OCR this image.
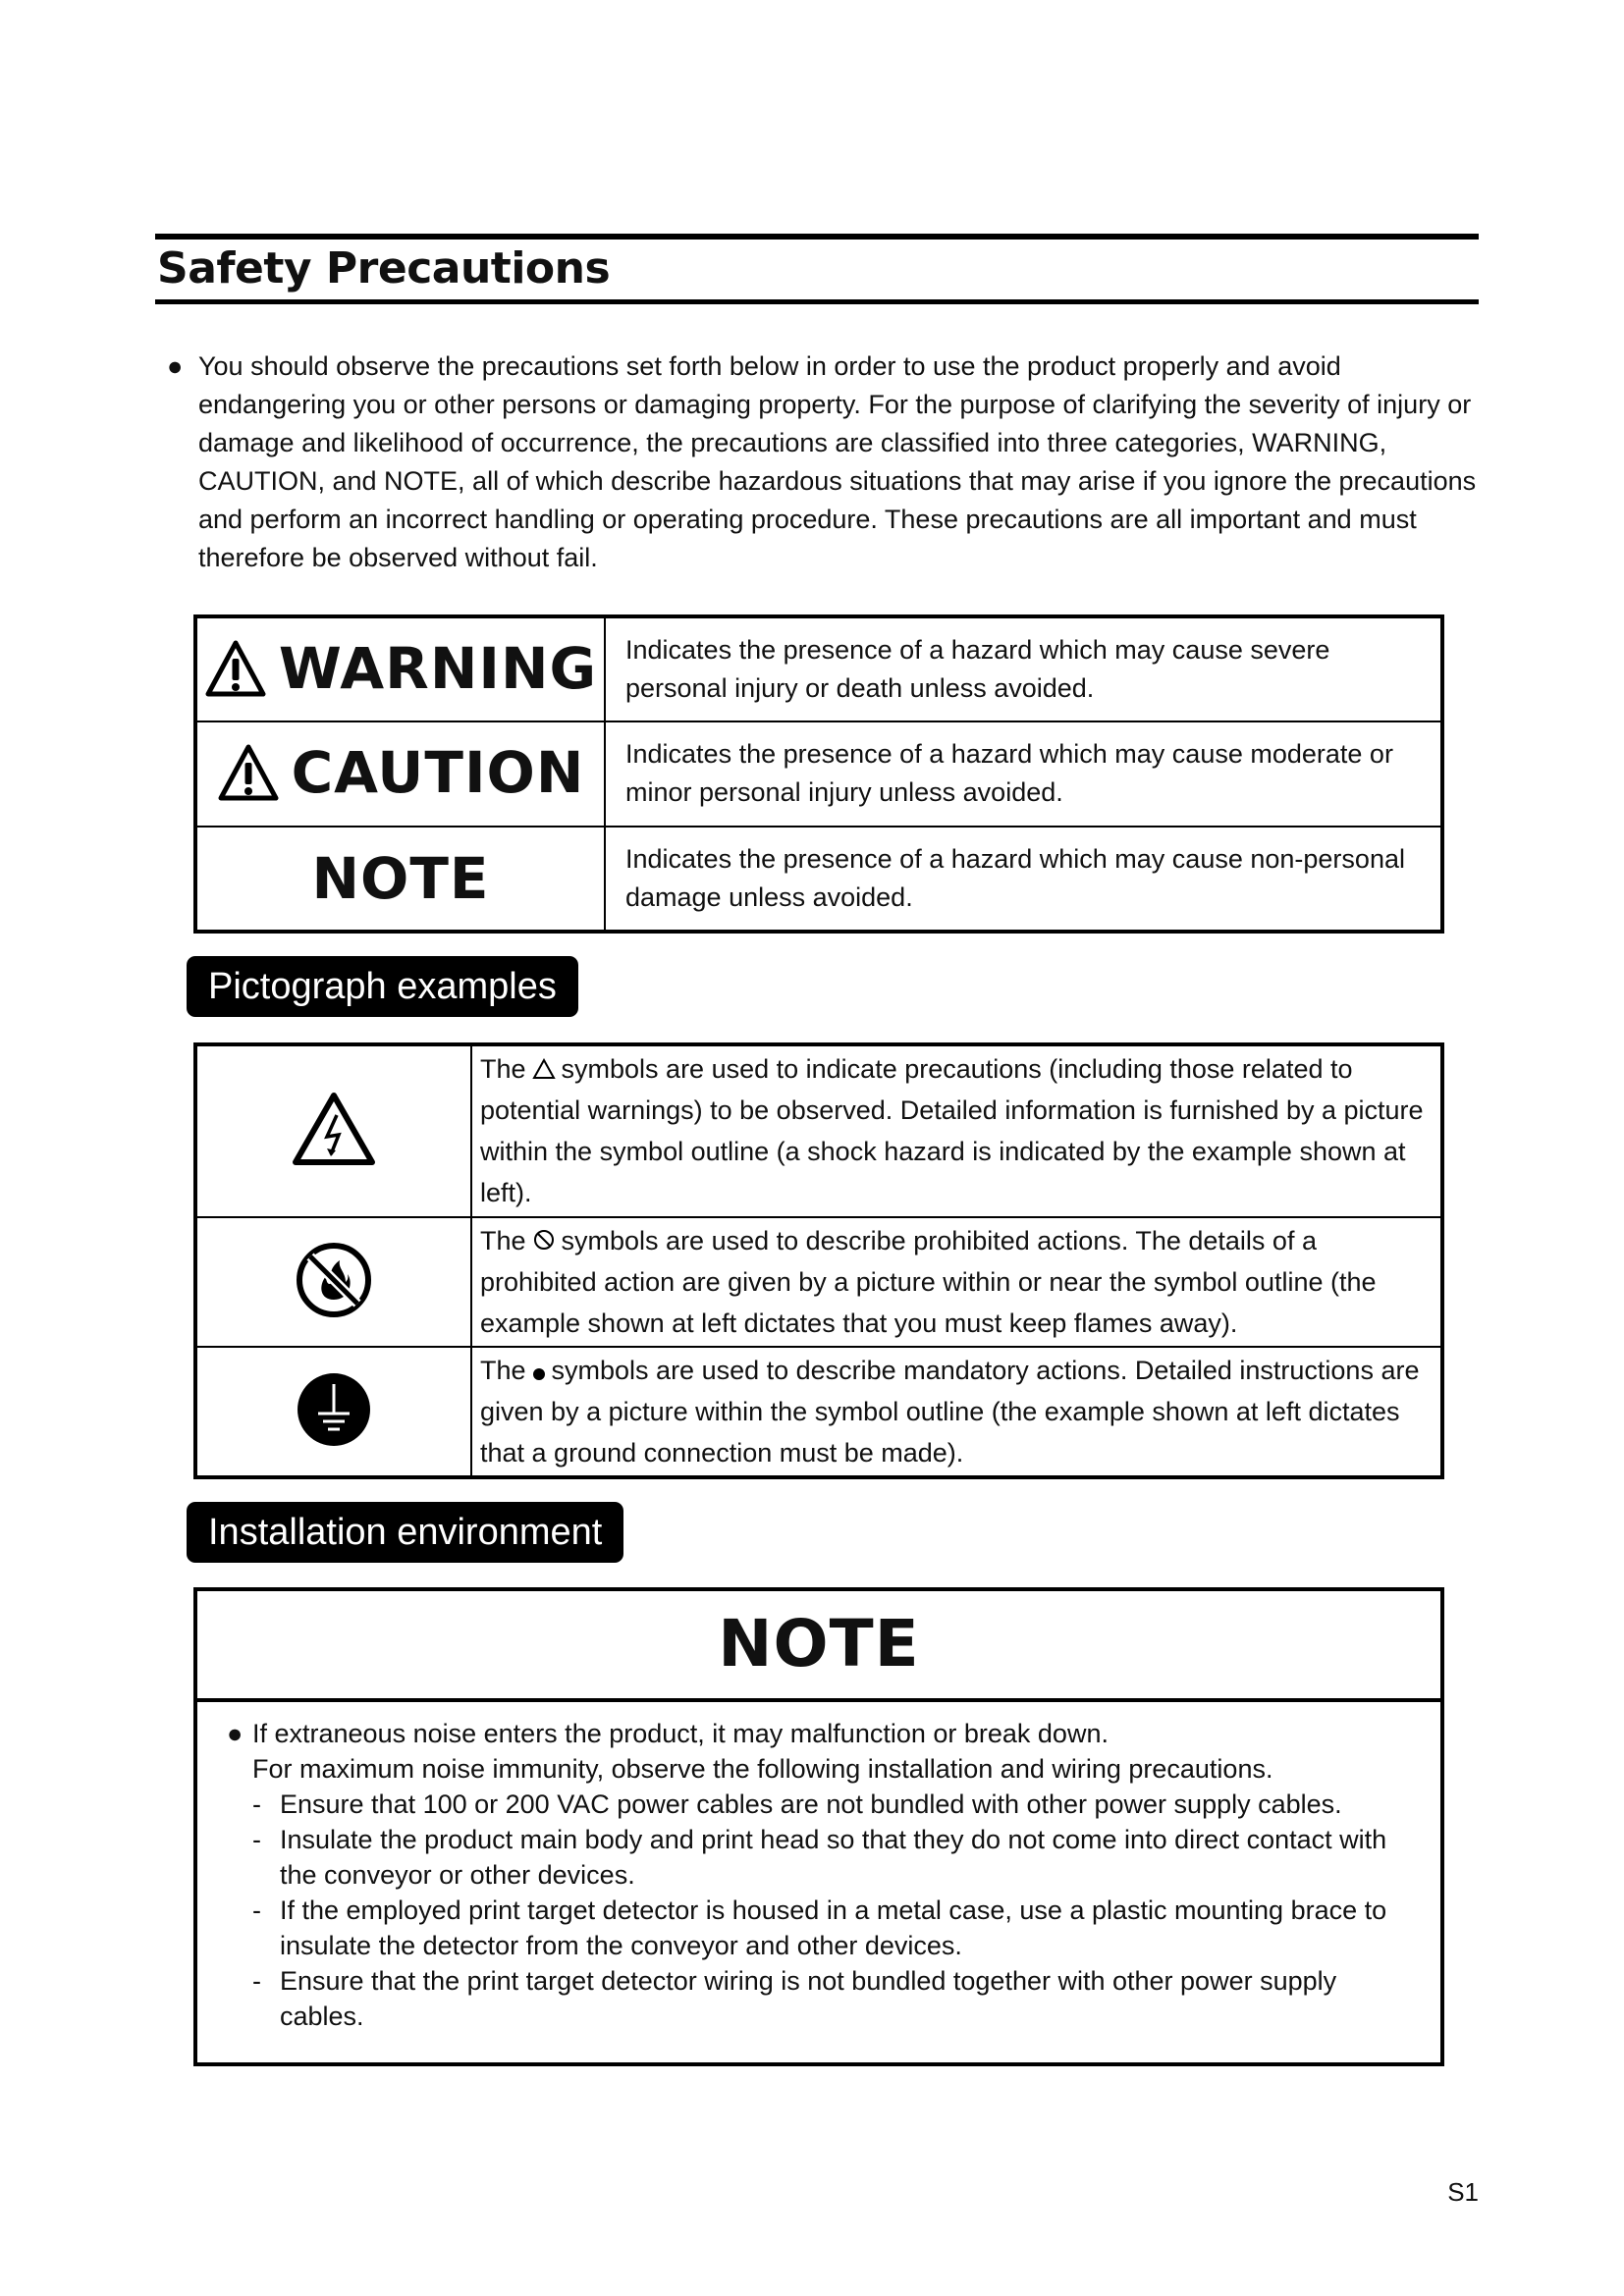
Safety Precautions
● You should observe the precautions set forth below in order to use the product properly and avoid endangering you or other persons or damaging property. For the purpose of clarifying the severity of injury or damage and likelihood of occurrence, the precautions are classified into three categories, WARNING, CAUTION, and NOTE, all of which describe hazardous situations that may arise if you ignore the precautions and perform an incorrect handling or operating procedure. These precautions are all important and must therefore be observed without fail.
WARNING	Indicates the presence of a hazard which may cause severe personal injury or death unless avoided.

CAUTION	Indicates the presence of a hazard which may cause moderate or minor personal injury unless avoided.
NOTE	Indicates the presence of a hazard which may cause non-personal damage unless avoided.
Pictograph examples
	The symbols are used to indicate precautions (including those related to potential warnings) to be observed. Detailed information is furnished by a picture within the symbol outline (a shock hazard is indicated by the example shown at left).
	The symbols are used to describe prohibited actions. The details of a prohibited action are given by a picture within or near the symbol outline (the example shown at left dictates that you must keep flames away).
	The symbols are used to describe mandatory actions. Detailed instructions are given by a picture within the symbol outline (the example shown at left dictates that a ground connection must be made).
Installation environment
NOTE
● If extraneous noise enters the product, it may malfunction or break down.
For maximum noise immunity, observe the following installation and wiring precautions.
- Ensure that 100 or 200 VAC power cables are not bundled with other power supply cables.
- Insulate the product main body and print head so that they do not come into direct contact with the conveyor or other devices.
- If the employed print target detector is housed in a metal case, use a plastic mounting brace to insulate the detector from the conveyor and other devices.
- Ensure that the print target detector wiring is not bundled together with other power supply cables.
S1
